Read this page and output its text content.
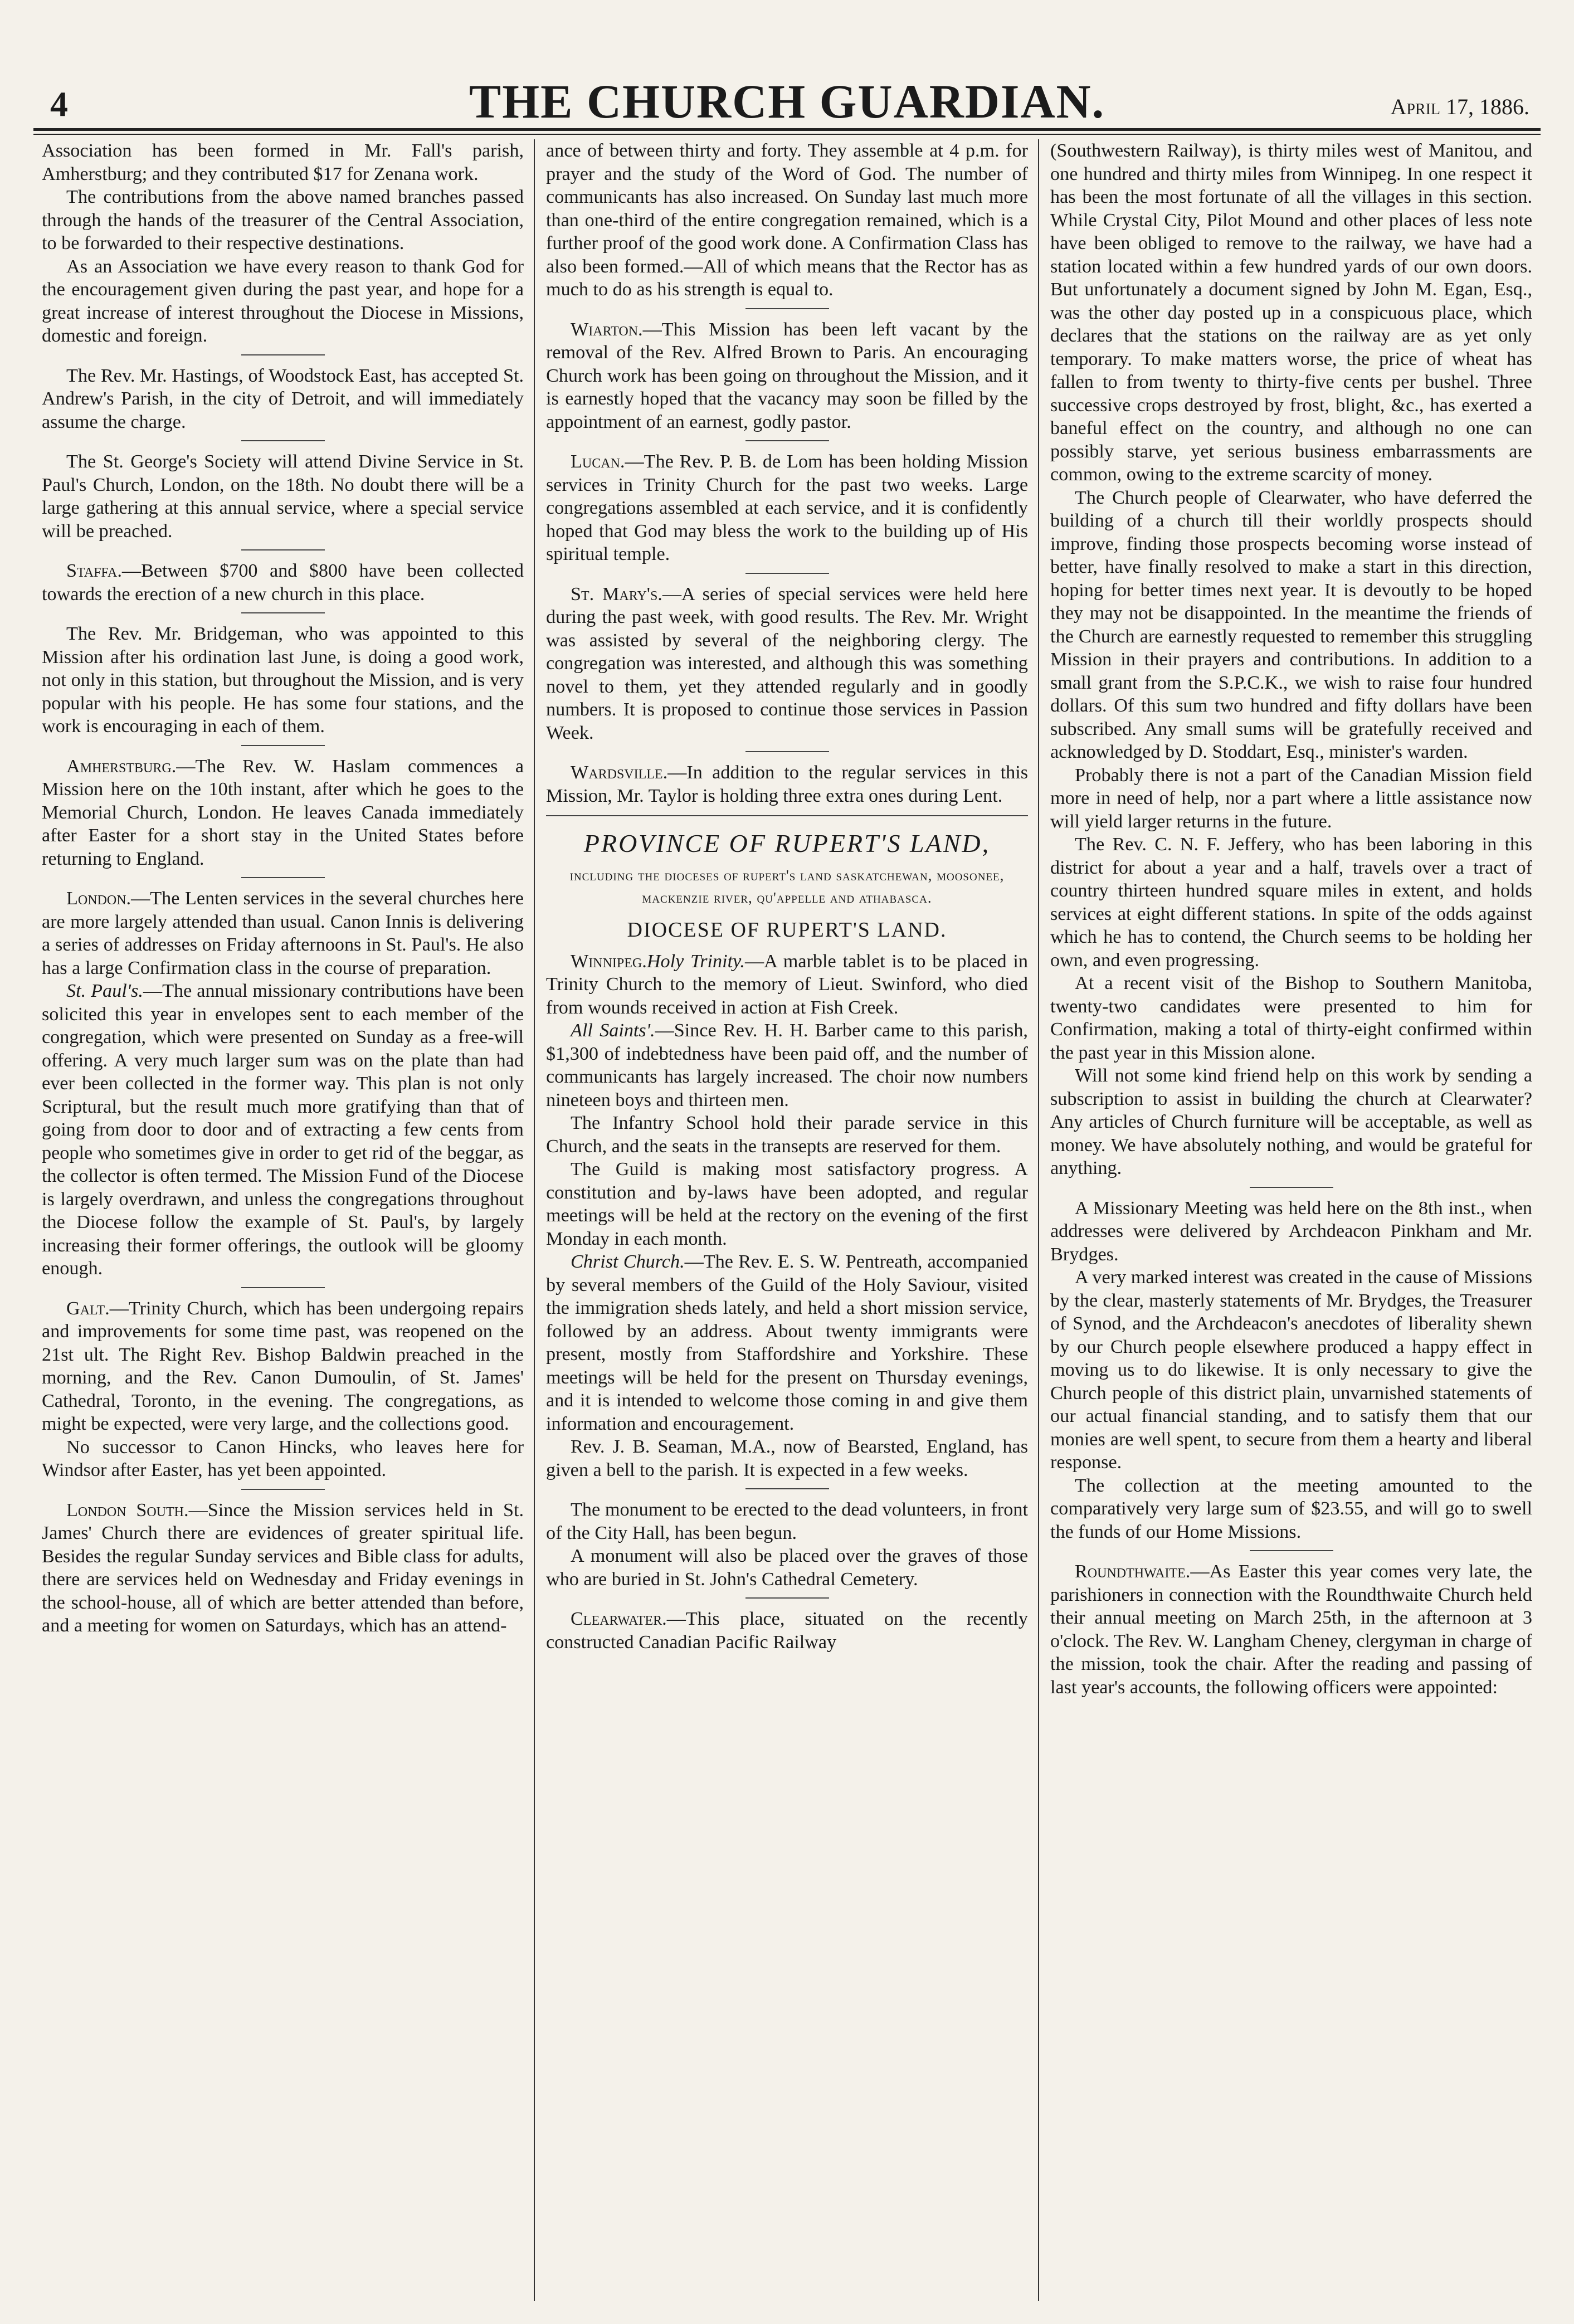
4	THE CHURCH GUARDIAN.	April 17, 1886.

Association has been formed in Mr. Fall's parish, Amherstburg; and they contributed $17 for Zenana work.

The contributions from the above named branches passed through the hands of the treasurer of the Central Association, to be forwarded to their respective destinations.

As an Association we have every reason to thank God for the encouragement given during the past year, and hope for a great increase of interest throughout the Diocese in Missions, domestic and foreign.

The Rev. Mr. Hastings, of Woodstock East, has accepted St. Andrew's Parish, in the city of Detroit, and will immediately assume the charge.

The St. George's Society will attend Divine Service in St. Paul's Church, London, on the 18th. No doubt there will be a large gathering at this annual service, where a special service will be preached.

Staffa.—Between $700 and $800 have been collected towards the erection of a new church in this place.

The Rev. Mr. Bridgeman, who was appointed to this Mission after his ordination last June, is doing a good work, not only in this station, but throughout the Mission, and is very popular with his people. He has some four stations, and the work is encouraging in each of them.

Amherstburg.—The Rev. W. Haslam commences a Mission here on the 10th instant, after which he goes to the Memorial Church, London. He leaves Canada immediately after Easter for a short stay in the United States before returning to England.

London.—The Lenten services in the several churches here are more largely attended than usual. Canon Innis is delivering a series of addresses on Friday afternoons in St. Paul's. He also has a large Confirmation class in the course of preparation.

St. Paul's.—The annual missionary contributions have been solicited this year in envelopes sent to each member of the congregation, which were presented on Sunday as a free-will offering. A very much larger sum was on the plate than had ever been collected in the former way. This plan is not only Scriptural, but the result much more gratifying than that of going from door to door and of extracting a few cents from people who sometimes give in order to get rid of the beggar, as the collector is often termed. The Mission Fund of the Diocese is largely overdrawn, and unless the congregations throughout the Diocese follow the example of St. Paul's, by largely increasing their former offerings, the outlook will be gloomy enough.

Galt.—Trinity Church, which has been undergoing repairs and improvements for some time past, was reopened on the 21st ult. The Right Rev. Bishop Baldwin preached in the morning, and the Rev. Canon Dumoulin, of St. James' Cathedral, Toronto, in the evening. The congregations, as might be expected, were very large, and the collections good.

No successor to Canon Hincks, who leaves here for Windsor after Easter, has yet been appointed.

London South.—Since the Mission services held in St. James' Church there are evidences of greater spiritual life. Besides the regular Sunday services and Bible class for adults, there are services held on Wednesday and Friday evenings in the school-house, all of which are better attended than before, and a meeting for women on Saturdays, which has an attend-

ance of between thirty and forty. They assemble at 4 p.m. for prayer and the study of the Word of God. The number of communicants has also increased. On Sunday last much more than one-third of the entire congregation remained, which is a further proof of the good work done. A Confirmation Class has also been formed.—All of which means that the Rector has as much to do as his strength is equal to.

Wiarton.—This Mission has been left vacant by the removal of the Rev. Alfred Brown to Paris. An encouraging Church work has been going on throughout the Mission, and it is earnestly hoped that the vacancy may soon be filled by the appointment of an earnest, godly pastor.

Lucan.—The Rev. P. B. de Lom has been holding Mission services in Trinity Church for the past two weeks. Large congregations assembled at each service, and it is confidently hoped that God may bless the work to the building up of His spiritual temple.

St. Mary's.—A series of special services were held here during the past week, with good results. The Rev. Mr. Wright was assisted by several of the neighboring clergy. The congregation was interested, and although this was something novel to them, yet they attended regularly and in goodly numbers. It is proposed to continue those services in Passion Week.

Wardsville.—In addition to the regular services in this Mission, Mr. Taylor is holding three extra ones during Lent.

PROVINCE OF RUPERT'S LAND,
including the dioceses of rupert's land saskatchewan, moosonee, mackenzie river, qu'appelle and athabasca.
DIOCESE OF RUPERT'S LAND.

Winnipeg.Holy Trinity.—A marble tablet is to be placed in Trinity Church to the memory of Lieut. Swinford, who died from wounds received in action at Fish Creek.

All Saints'.—Since Rev. H. H. Barber came to this parish, $1,300 of indebtedness have been paid off, and the number of communicants has largely increased. The choir now numbers nineteen boys and thirteen men.

The Infantry School hold their parade service in this Church, and the seats in the transepts are reserved for them.

The Guild is making most satisfactory progress. A constitution and by-laws have been adopted, and regular meetings will be held at the rectory on the evening of the first Monday in each month.

Christ Church.—The Rev. E. S. W. Pentreath, accompanied by several members of the Guild of the Holy Saviour, visited the immigration sheds lately, and held a short mission service, followed by an address. About twenty immigrants were present, mostly from Staffordshire and Yorkshire. These meetings will be held for the present on Thursday evenings, and it is intended to welcome those coming in and give them information and encouragement.

Rev. J. B. Seaman, M.A., now of Bearsted, England, has given a bell to the parish. It is expected in a few weeks.

The monument to be erected to the dead volunteers, in front of the City Hall, has been begun.

A monument will also be placed over the graves of those who are buried in St. John's Cathedral Cemetery.

Clearwater.—This place, situated on the recently constructed Canadian Pacific Railway

(Southwestern Railway), is thirty miles west of Manitou, and one hundred and thirty miles from Winnipeg. In one respect it has been the most fortunate of all the villages in this section. While Crystal City, Pilot Mound and other places of less note have been obliged to remove to the railway, we have had a station located within a few hundred yards of our own doors. But unfortunately a document signed by John M. Egan, Esq., was the other day posted up in a conspicuous place, which declares that the stations on the railway are as yet only temporary. To make matters worse, the price of wheat has fallen to from twenty to thirty-five cents per bushel. Three successive crops destroyed by frost, blight, &c., has exerted a baneful effect on the country, and although no one can possibly starve, yet serious business embarrassments are common, owing to the extreme scarcity of money.

The Church people of Clearwater, who have deferred the building of a church till their worldly prospects should improve, finding those prospects becoming worse instead of better, have finally resolved to make a start in this direction, hoping for better times next year. It is devoutly to be hoped they may not be disappointed. In the meantime the friends of the Church are earnestly requested to remember this struggling Mission in their prayers and contributions. In addition to a small grant from the S.P.C.K., we wish to raise four hundred dollars. Of this sum two hundred and fifty dollars have been subscribed. Any small sums will be gratefully received and acknowledged by D. Stoddart, Esq., minister's warden.

Probably there is not a part of the Canadian Mission field more in need of help, nor a part where a little assistance now will yield larger returns in the future.

The Rev. C. N. F. Jeffery, who has been laboring in this district for about a year and a half, travels over a tract of country thirteen hundred square miles in extent, and holds services at eight different stations. In spite of the odds against which he has to contend, the Church seems to be holding her own, and even progressing.

At a recent visit of the Bishop to Southern Manitoba, twenty-two candidates were presented to him for Confirmation, making a total of thirty-eight confirmed within the past year in this Mission alone.

Will not some kind friend help on this work by sending a subscription to assist in building the church at Clearwater? Any articles of Church furniture will be acceptable, as well as money. We have absolutely nothing, and would be grateful for anything.

A Missionary Meeting was held here on the 8th inst., when addresses were delivered by Archdeacon Pinkham and Mr. Brydges.

A very marked interest was created in the cause of Missions by the clear, masterly statements of Mr. Brydges, the Treasurer of Synod, and the Archdeacon's anecdotes of liberality shewn by our Church people elsewhere produced a happy effect in moving us to do likewise. It is only necessary to give the Church people of this district plain, unvarnished statements of our actual financial standing, and to satisfy them that our monies are well spent, to secure from them a hearty and liberal response.

The collection at the meeting amounted to the comparatively very large sum of $23.55, and will go to swell the funds of our Home Missions.

Roundthwaite.—As Easter this year comes very late, the parishioners in connection with the Roundthwaite Church held their annual meeting on March 25th, in the afternoon at 3 o'clock. The Rev. W. Langham Cheney, clergyman in charge of the mission, took the chair. After the reading and passing of last year's accounts, the following officers were appointed:
